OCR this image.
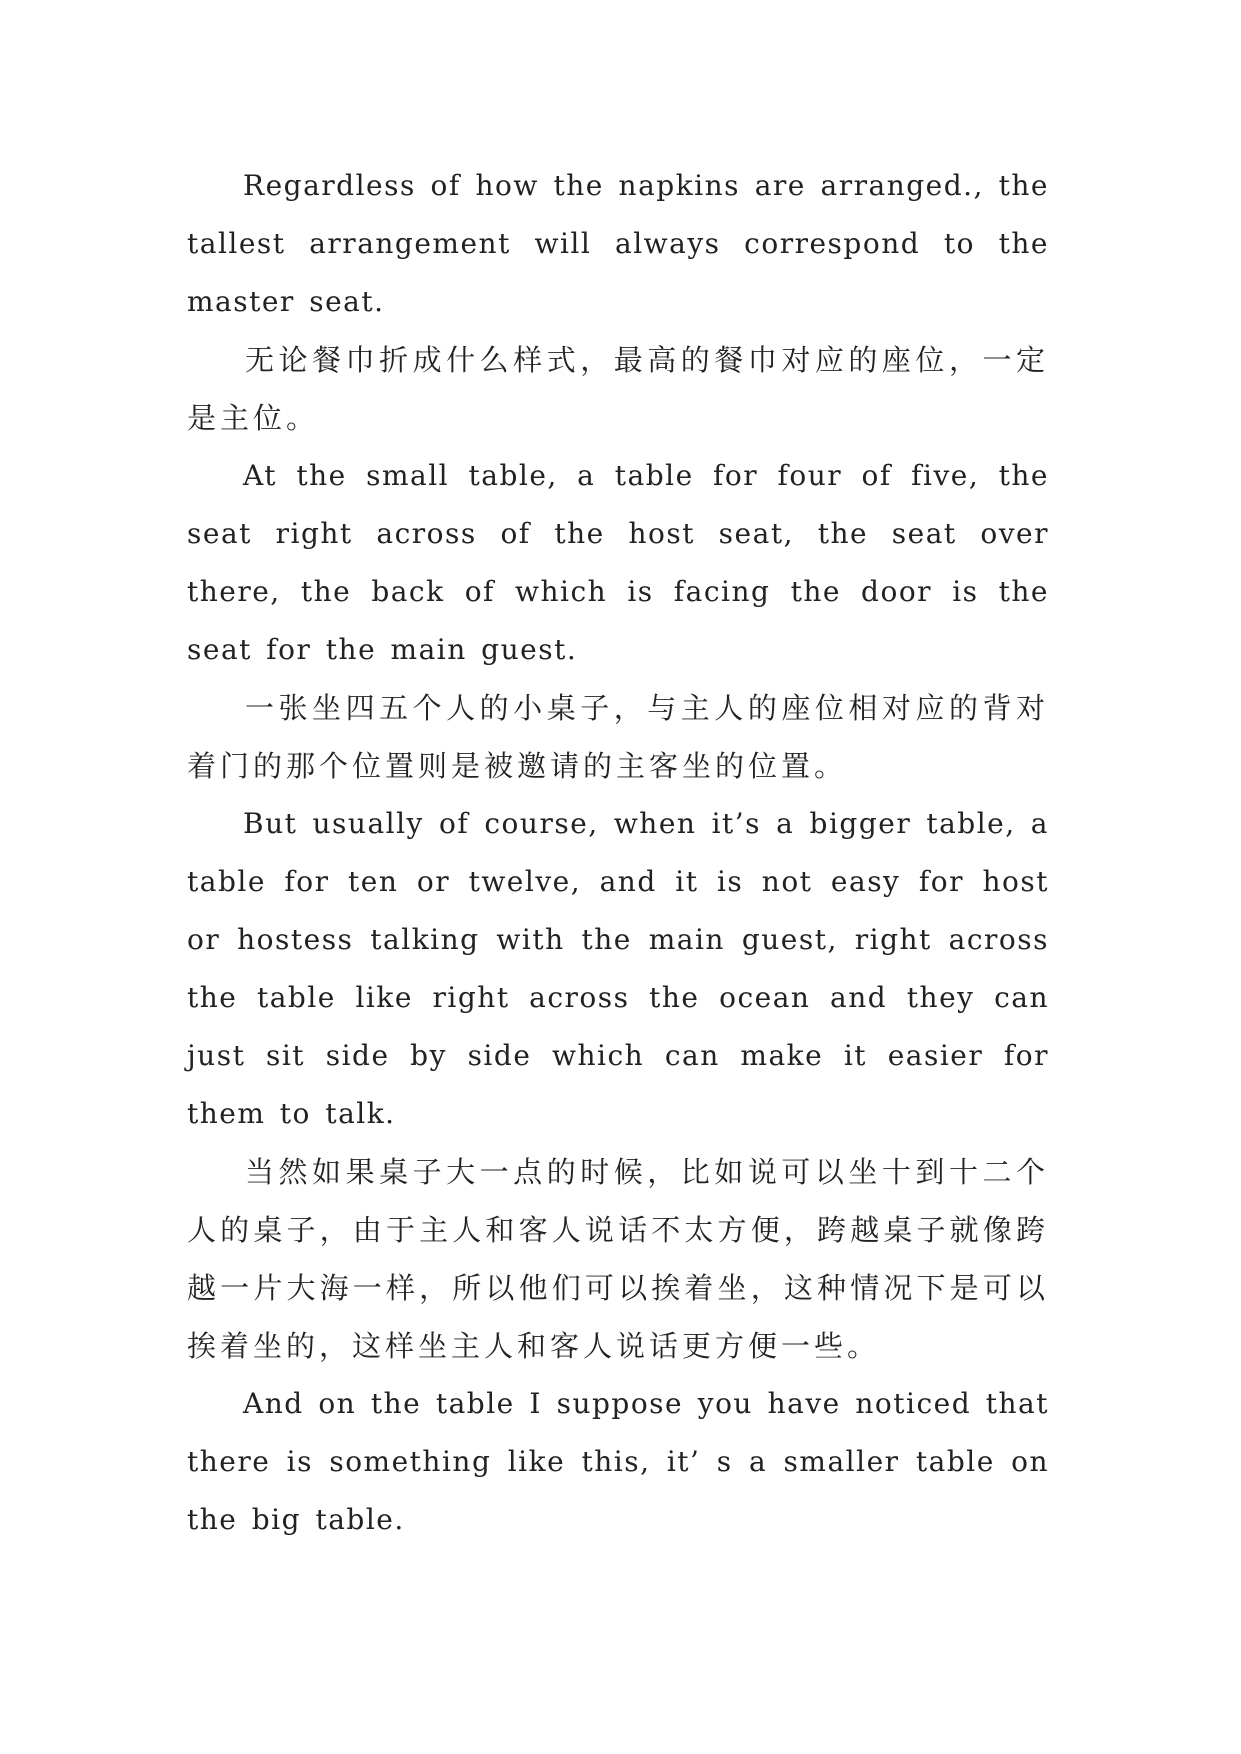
Regardless of how the napkins are arranged., the tallest arrangement will always correspond to the master seat.

无论餐巾折成什么样式，最高的餐巾对应的座位，一定是主位。

At the small table, a table for four of five, the seat right across of the host seat, the seat over there, the back of which is facing the door is the seat for the main guest.

一张坐四五个人的小桌子，与主人的座位相对应的背对着门的那个位置则是被邀请的主客坐的位置。

But usually of course, when it’s a bigger table, a table for ten or twelve, and it is not easy for host or hostess talking with the main guest, right across the table like right across the ocean and they can just sit side by side which can make it easier for them to talk.

当然如果桌子大一点的时候，比如说可以坐十到十二个人的桌子，由于主人和客人说话不太方便，跨越桌子就像跨越一片大海一样，所以他们可以挨着坐，这种情况下是可以挨着坐的，这样坐主人和客人说话更方便一些。

And on the table I suppose you have noticed that there is something like this, it’ s a smaller table on the big table.
